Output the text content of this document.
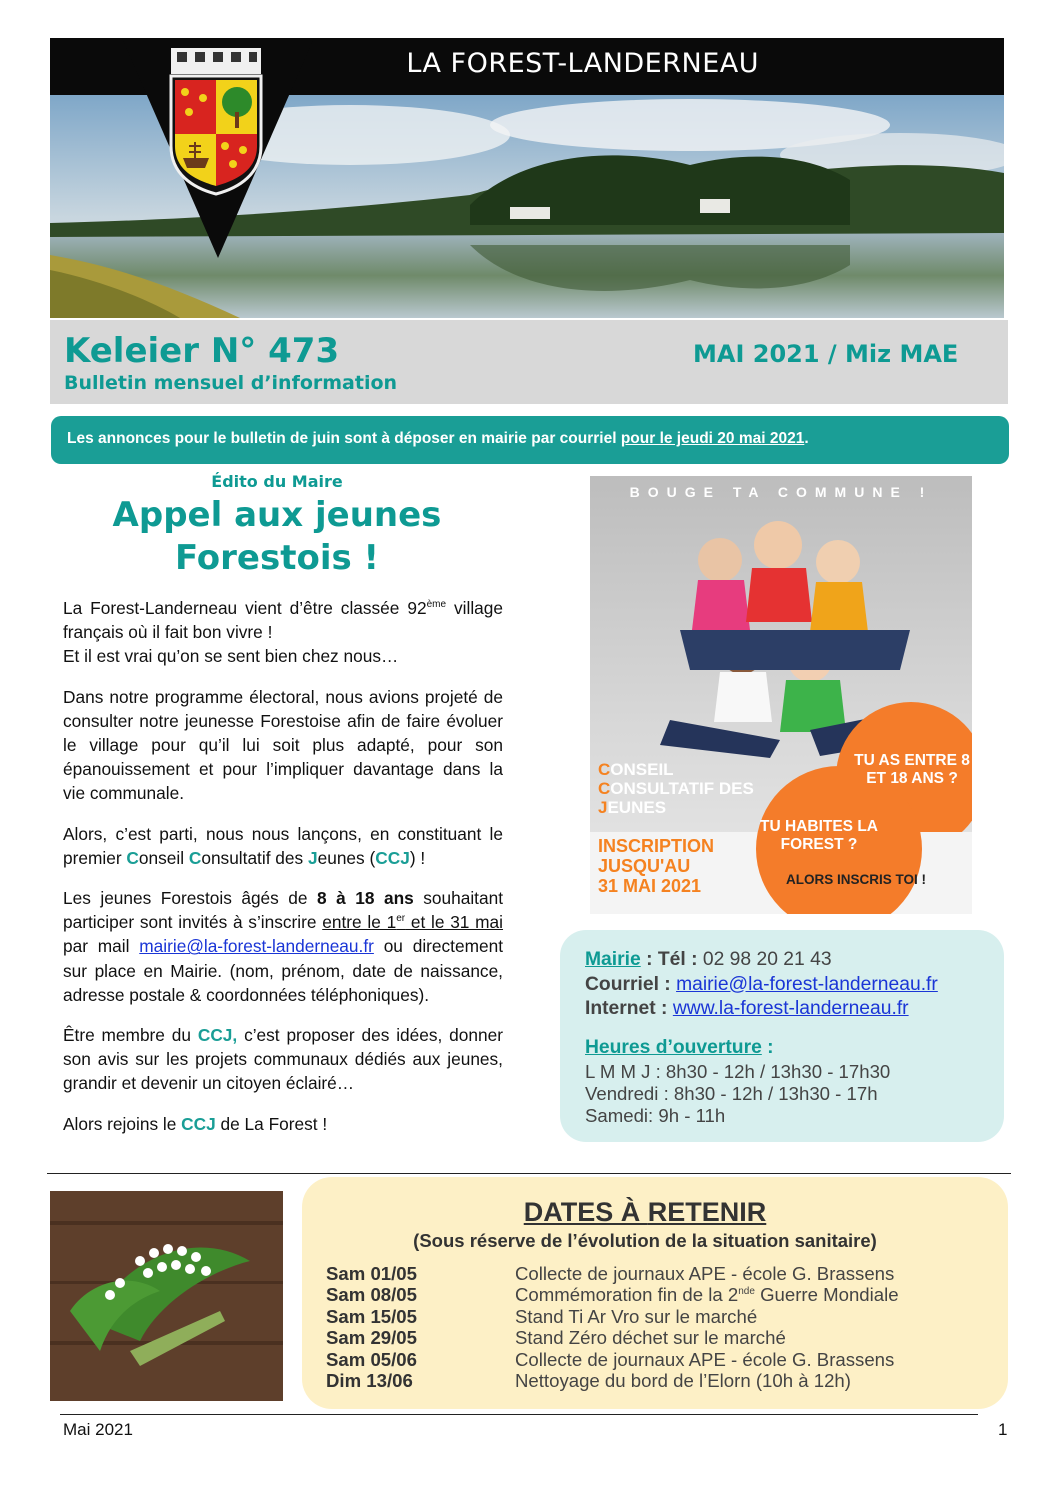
LA FOREST-LANDERNEAU
Keleier N° 473
Bulletin mensuel d’information
MAI 2021 / Miz MAE
Les annonces pour le bulletin de juin sont à déposer en mairie par courriel pour le jeudi 20 mai 2021.
Édito du Maire
Appel aux jeunes
Forestois !

La Forest-Landerneau vient d’être classée 92ème village français où il fait bon vivre !
Et il est vrai qu’on se sent bien chez nous…

Dans notre programme électoral, nous avions projeté de consulter notre jeunesse Forestoise afin de faire évoluer le village pour qu’il lui soit plus adapté, pour son épanouissement et pour l’impliquer davantage dans la vie communale.

Alors, c’est parti, nous nous lançons, en constituant le premier Conseil Consultatif des Jeunes (CCJ) !

Les jeunes Forestois âgés de 8 à 18 ans souhaitant participer sont invités à s’inscrire entre le 1er et le 31 mai par mail mairie@la-forest-landerneau.fr ou directement sur place en Mairie. (nom, prénom, date de naissance, adresse postale & coordonnées téléphoniques).

Être membre du CCJ, c’est proposer des idées, donner son avis sur les projets communaux dédiés aux jeunes, grandir et devenir un citoyen éclairé…

Alors rejoins le CCJ de La Forest !

BOUGE TA COMMUNE !
TU AS ENTRE 8 ET 18 ANS ?
TU HABITES LA FOREST ?
ALORS INSCRIS TOI !
CONSEIL
CONSULTATIF DES
JEUNES
INSCRIPTION
JUSQU'AU
31 MAI 2021
Mairie : Tél : 02 98 20 21 43
Courriel : mairie@la-forest-landerneau.fr
Internet : www.la-forest-landerneau.fr
Heures d’ouverture :
L M M J : 8h30 - 12h / 13h30 - 17h30
Vendredi : 8h30 - 12h / 13h30 - 17h
Samedi: 9h - 11h
DATES À RETENIR
(Sous réserve de l’évolution de la situation sanitaire)
Sam 01/05	Collecte de journaux APE - école G. Brassens
Sam 08/05	Commémoration fin de la 2nde Guerre Mondiale
Sam 15/05	Stand Ti Ar Vro sur le marché
Sam 29/05	Stand Zéro déchet sur le marché
Sam 05/06	Collecte de journaux APE - école G. Brassens
Dim 13/06	Nettoyage du bord de l’Elorn (10h à 12h)
Mai 2021	1
